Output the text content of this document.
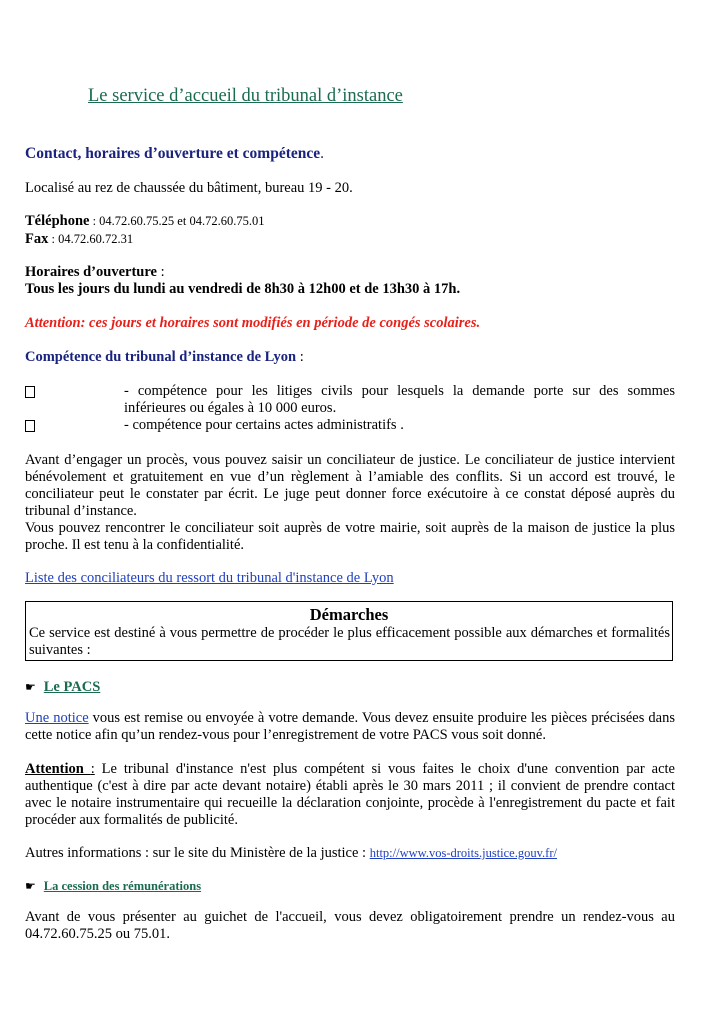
Le service d’accueil du tribunal d’instance
Contact, horaires d’ouverture et compétence.
Localisé au rez de chaussée du bâtiment, bureau 19 - 20.
Téléphone : 04.72.60.75.25 et 04.72.60.75.01
Fax : 04.72.60.72.31
Horaires d’ouverture :
Tous les jours du lundi au vendredi de 8h30 à 12h00 et de 13h30 à 17h.
Attention: ces jours et horaires sont modifiés en période de congés scolaires.
Compétence du tribunal d’instance de Lyon :
- compétence pour les litiges civils pour lesquels la demande porte sur des sommes
inférieures ou égales à 10 000 euros.
- compétence pour certains actes administratifs .
Avant d’engager un procès, vous pouvez saisir un conciliateur de justice. Le conciliateur de justice intervient
bénévolement et gratuitement en vue d’un règlement à l’amiable des conflits. Si un accord est trouvé, le
conciliateur peut le constater par écrit. Le juge peut donner force exécutoire à ce constat déposé auprès du
tribunal d’instance.
Vous pouvez rencontrer le conciliateur soit auprès de votre mairie, soit auprès de la maison de justice la plus
proche. Il est tenu à la confidentialité.
Liste des conciliateurs du ressort du tribunal d'instance de Lyon
Démarches
Ce service est destiné à vous permettre de procéder le plus efficacement possible aux démarches et formalités
suivantes :
☛ Le PACS
Une notice vous est remise ou envoyée à votre demande. Vous devez ensuite produire les pièces précisées dans
cette notice afin qu’un rendez-vous pour l’enregistrement de votre PACS vous soit donné.
Attention : Le tribunal d'instance n'est plus compétent si vous faites le choix d'une convention par acte
authentique (c'est à dire par acte devant notaire) établi après le 30 mars 2011 ; il convient de prendre contact
avec le notaire instrumentaire qui recueille la déclaration conjointe, procède à l'enregistrement du pacte et fait
procéder aux formalités de publicité.
Autres informations : sur le site du Ministère de la justice : http://www.vos-droits.justice.gouv.fr/
☛ La cession des rémunérations
Avant de vous présenter au guichet de l'accueil, vous devez obligatoirement prendre un rendez-vous au
04.72.60.75.25 ou 75.01.
